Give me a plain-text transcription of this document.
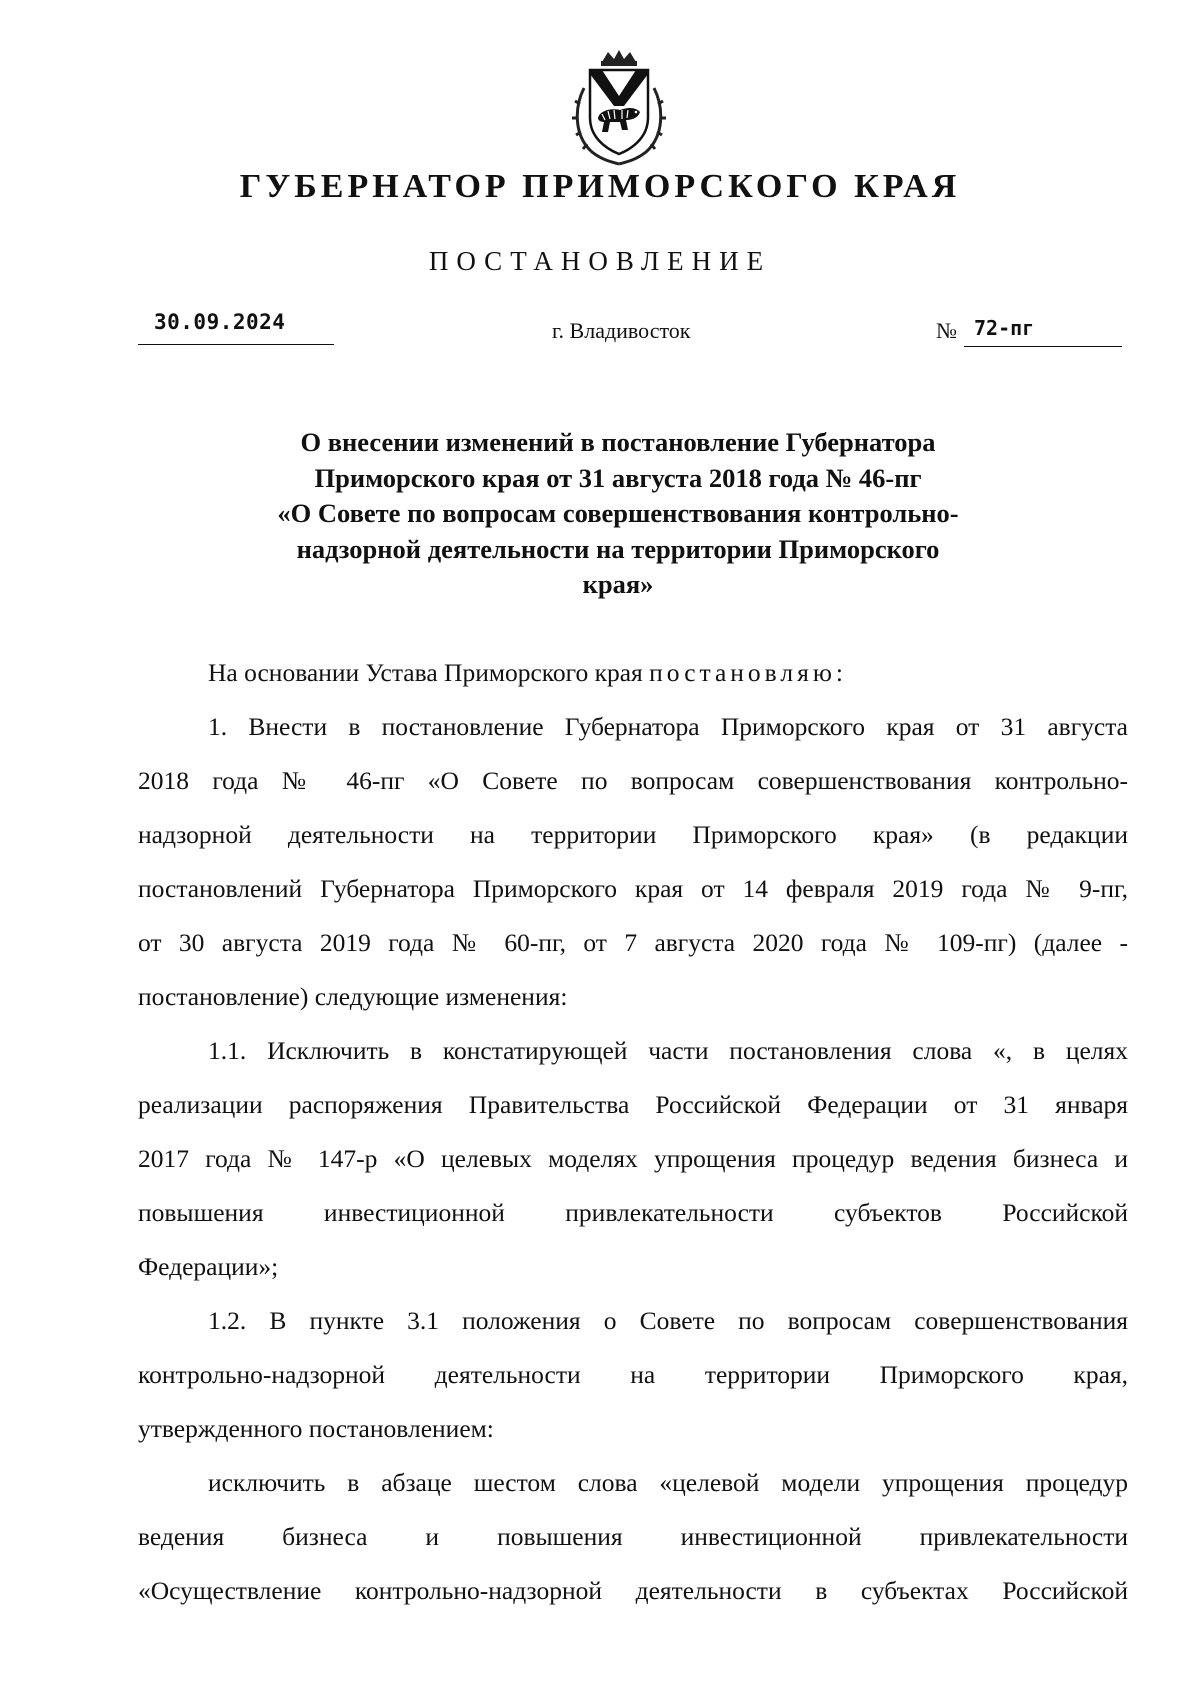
ГУБЕРНАТОР ПРИМОРСКОГО КРАЯ
ПОСТАНОВЛЕНИЕ
30.09.2024	г. Владивосток	№ 72-пг
О внесении изменений в постановление Губернатора
Приморского края от 31 августа 2018 года № 46-пг
«О Совете по вопросам совершенствования контрольно-
надзорной деятельности на территории Приморского
края»
На основании Устава Приморского края постановляю:
1. Внести в постановление Губернатора Приморского края от 31 августа
2018 года № 46-пг «О Совете по вопросам совершенствования контрольно-
надзорной деятельности на территории Приморского края» (в редакции
постановлений Губернатора Приморского края от 14 февраля 2019 года № 9-пг,
от 30 августа 2019 года № 60-пг, от 7 августа 2020 года № 109-пг) (далее -
постановление) следующие изменения:
1.1. Исключить в констатирующей части постановления слова «, в целях
реализации распоряжения Правительства Российской Федерации от 31 января
2017 года № 147-р «О целевых моделях упрощения процедур ведения бизнеса и
повышения инвестиционной привлекательности субъектов Российской
Федерации»;
1.2. В пункте 3.1 положения о Совете по вопросам совершенствования
контрольно-надзорной деятельности на территории Приморского края,
утвержденного постановлением:
исключить в абзаце шестом слова «целевой модели упрощения процедур
ведения бизнеса и повышения инвестиционной привлекательности
«Осуществление контрольно-надзорной деятельности в субъектах Российской
